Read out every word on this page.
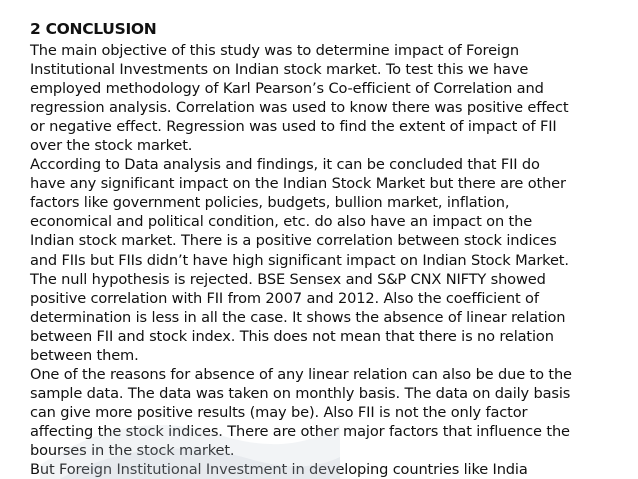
2 CONCLUSION
The main objective of this study was to determine impact of Foreign
Institutional Investments on Indian stock market. To test this we have
employed methodology of Karl Pearson’s Co-efficient of Correlation and
regression analysis. Correlation was used to know there was positive effect
or negative effect. Regression was used to find the extent of impact of FII
over the stock market.
According to Data analysis and findings, it can be concluded that FII do
have any significant impact on the Indian Stock Market but there are other
factors like government policies, budgets, bullion market, inflation,
economical and political condition, etc. do also have an impact on the
Indian stock market. There is a positive correlation between stock indices
and FIIs but FIIs didn’t have high significant impact on Indian Stock Market.
The null hypothesis is rejected. BSE Sensex and S&P CNX NIFTY showed
positive correlation with FII from 2007 and 2012. Also the coefficient of
determination is less in all the case. It shows the absence of linear relation
between FII and stock index. This does not mean that there is no relation
between them.
One of the reasons for absence of any linear relation can also be due to the
sample data. The data was taken on monthly basis. The data on daily basis
can give more positive results (may be). Also FII is not the only factor
affecting the stock indices. There are other major factors that influence the
bourses in the stock market.
But Foreign Institutional Investment in developing countries like India
